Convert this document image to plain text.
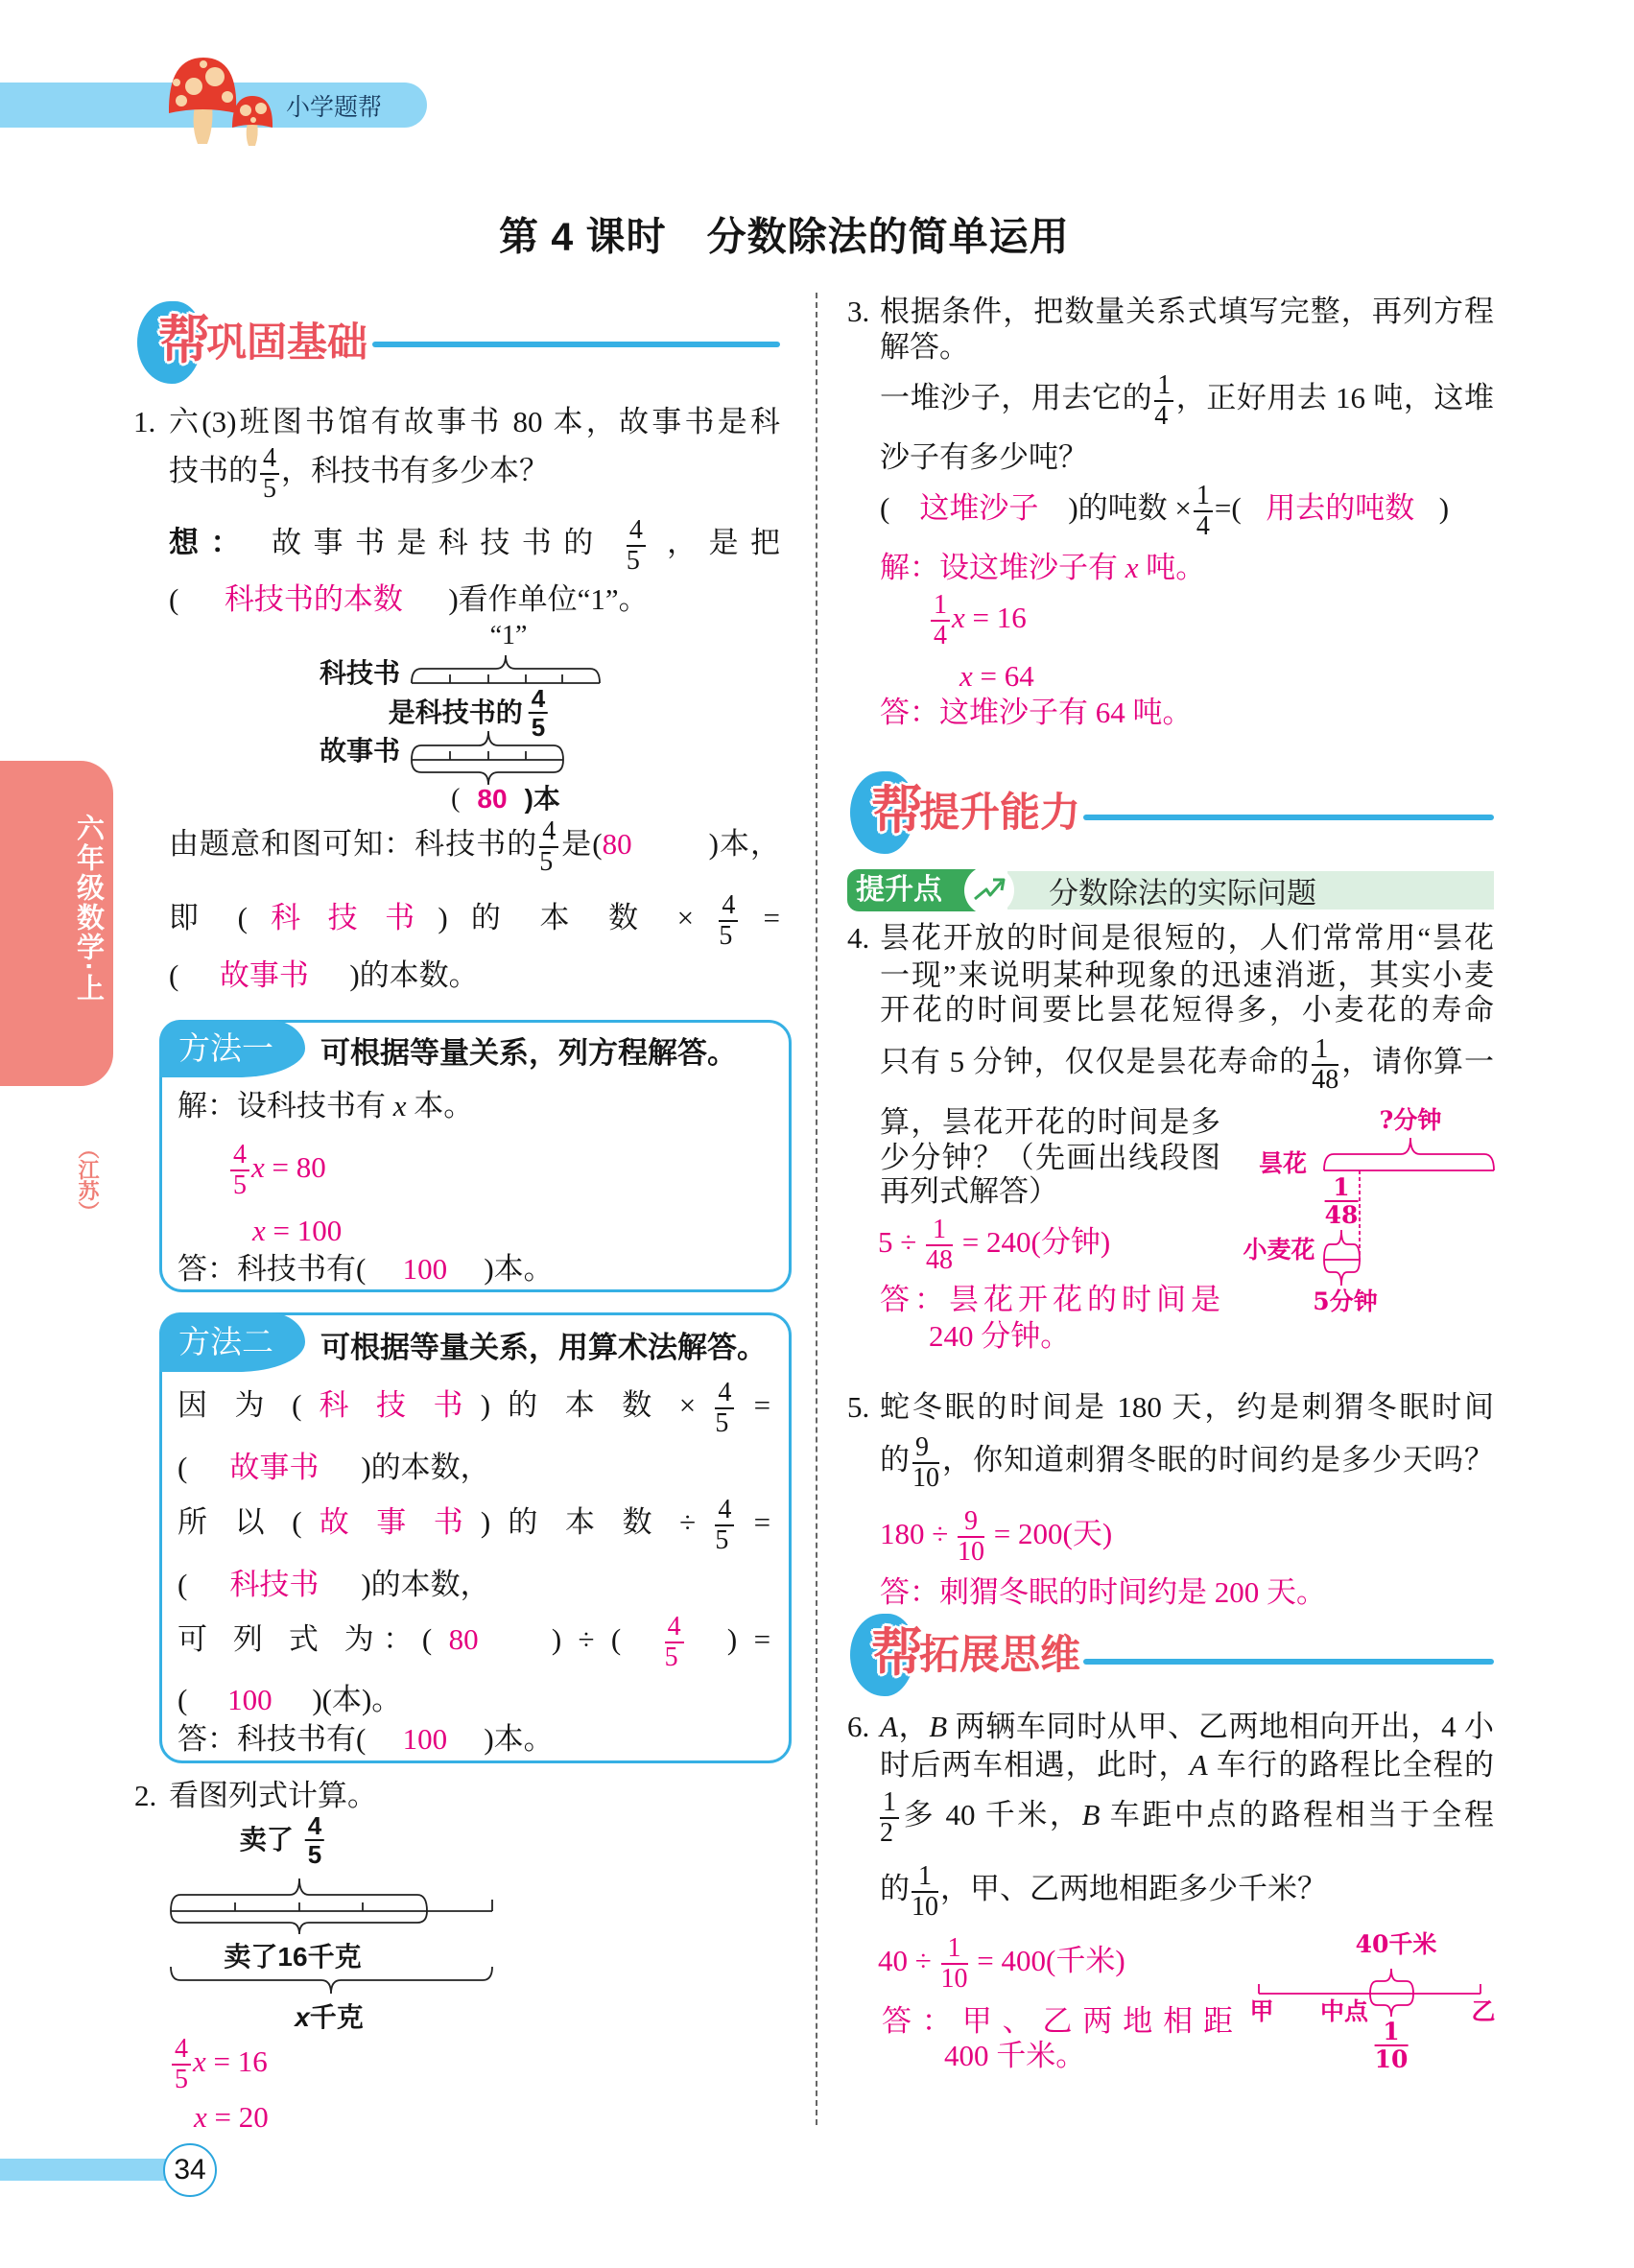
小学题帮
第 4 课时　分数除法的简单运用
六年级数学·上
（江苏）
帮
巩固基础
1. 六(3)班图书馆有故事书 80 本，故事书是科
技书的 $\frac{4}{5}$ ，科技书有多少本？
想： 故事书是科技书的 $\frac{4}{5}$ ，是把
( 科技书的本数 )看作单位“1”。
“1”
科技书
是科技书的 $\frac{4}{5}$
故事书
( 80 )本
由题意和图可知：科技书的 $\frac{4}{5}$ 是(80	)本，
即 ( 科技书 ) 的 本 数 × $\frac{4}{5}$ =
( 故事书 )的本数。
方法一	可根据等量关系，列方程解答。
解：设科技书有 x 本。
$\frac{4}{5}$ x = 80
x = 100
答：科技书有( 100 )本。
方法二	可根据等量关系，用算术法解答。
因 为 ( 科技书 ) 的 本 数 × $\frac{4}{5}$ =
( 故事书 )的本数，
所 以 ( 故事书 ) 的 本 数 ÷ $\frac{4}{5}$ =
( 科技书 )的本数，
可 列 式 为：( 80 ) ÷ ( $\frac{4}{5}$ ) =
( 100 )(本)。
答：科技书有( 100 )本。
2. 看图列式计算。
卖了 $\frac{4}{5}$
卖了16千克
x 千克
$\frac{4}{5}$ x = 16
x = 20
3. 根据条件，把数量关系式填写完整，再列方程
解答。
一堆沙子，用去它的 $\frac{1}{4}$ ，正好用去 16 吨，这堆
沙子有多少吨？
( 这堆沙子 )的吨数 × $\frac{1}{4}$ =( 用去的吨数 )
解：设这堆沙子有 x 吨。
$\frac{1}{4}$ x = 16
x = 64
答：这堆沙子有 64 吨。
帮
提升能力
提升点	分数除法的实际问题
4. 昙花开放的时间是很短的，人们常常用“昙花
一现”来说明某种现象的迅速消逝，其实小麦
开花的时间要比昙花短得多，小麦花的寿命
只有 5 分钟，仅仅是昙花寿命的 $\frac{1}{48}$ ，请你算一
算，昙花开花的时间是多
少分钟？（先画出线段图
再列式解答）
$5 \div \frac{1}{48} = 240$(分钟)
答：昙花开花的时间是
240 分钟。
?分钟
昙花
$\frac{1}{48}$
小麦花
5分钟
5. 蛇冬眠的时间是 180 天，约是刺猬冬眠时间
的 $\frac{9}{10}$ ，你知道刺猬冬眠的时间约是多少天吗？
$180 \div \frac{9}{10} = 200$(天)
答：刺猬冬眠的时间约是 200 天。
帮
拓展思维
6. A，B 两辆车同时从甲、乙两地相向开出，4 小
时后两车相遇，此时，A 车行的路程比全程的
$\frac{1}{2}$ 多 40 千米，B 车距中点的路程相当于全程
的 $\frac{1}{10}$ ，甲、乙两地相距多少千米？
$40 \div \frac{1}{10} = 400$(千米)
答：甲、乙两地相距
400 千米。
40千米
甲 中点	乙
$\frac{1}{10}$
34
